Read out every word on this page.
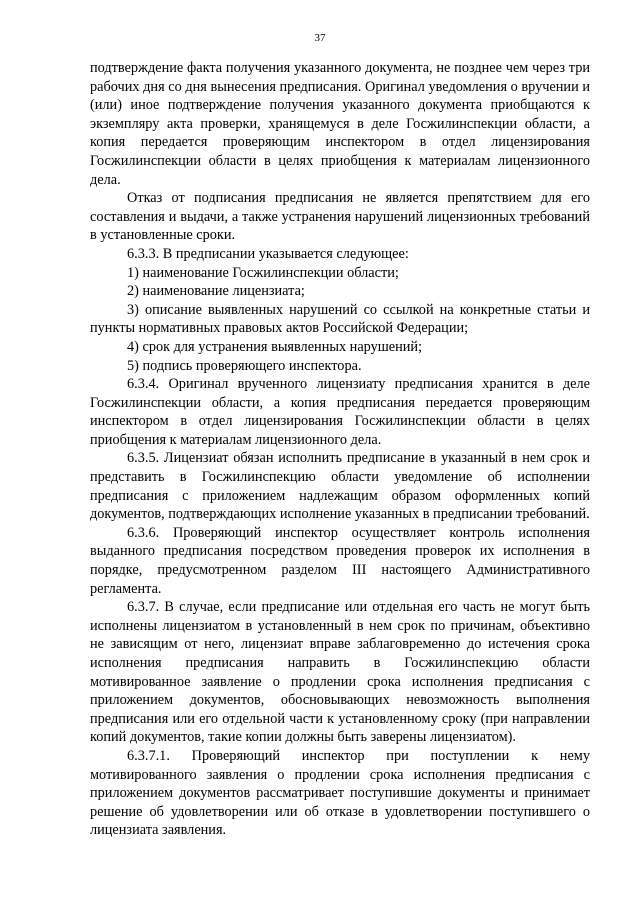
37

подтверждение факта получения указанного документа, не позднее чем через три рабочих дня со дня вынесения предписания. Оригинал уведомления о вручении и (или) иное подтверждение получения указанного документа приобщаются к экземпляру акта проверки, хранящемуся в деле Госжилинспекции области, а копия передается проверяющим инспектором в отдел лицензирования Госжилинспекции области в целях приобщения к материалам лицензионного дела.

Отказ от подписания предписания не является препятствием для его составления и выдачи, а также устранения нарушений лицензионных требований в установленные сроки.

6.3.3. В предписании указывается следующее:

1) наименование Госжилинспекции области;

2) наименование лицензиата;

3) описание выявленных нарушений со ссылкой на конкретные статьи и пункты нормативных правовых актов Российской Федерации;

4) срок для устранения выявленных нарушений;

5) подпись проверяющего инспектора.

6.3.4. Оригинал врученного лицензиату предписания хранится в деле Госжилинспекции области, а копия предписания передается проверяющим инспектором в отдел лицензирования Госжилинспекции области в целях приобщения к материалам лицензионного дела.

6.3.5. Лицензиат обязан исполнить предписание в указанный в нем срок и представить в Госжилинспекцию области уведомление об исполнении предписания с приложением надлежащим образом оформленных копий документов, подтверждающих исполнение указанных в предписании требований.

6.3.6. Проверяющий инспектор осуществляет контроль исполнения выданного предписания посредством проведения проверок их исполнения в порядке, предусмотренном разделом III настоящего Административного регламента.

6.3.7. В случае, если предписание или отдельная его часть не могут быть исполнены лицензиатом в установленный в нем срок по причинам, объективно не зависящим от него, лицензиат вправе заблаговременно до истечения срока исполнения предписания направить в Госжилинспекцию области мотивированное заявление о продлении срока исполнения предписания с приложением документов, обосновывающих невозможность выполнения предписания или его отдельной части к установленному сроку (при направлении копий документов, такие копии должны быть заверены лицензиатом).

6.3.7.1. Проверяющий инспектор при поступлении к нему мотивированного заявления о продлении срока исполнения предписания с приложением документов рассматривает поступившие документы и принимает решение об удовлетворении или об отказе в удовлетворении поступившего о лицензиата заявления.
